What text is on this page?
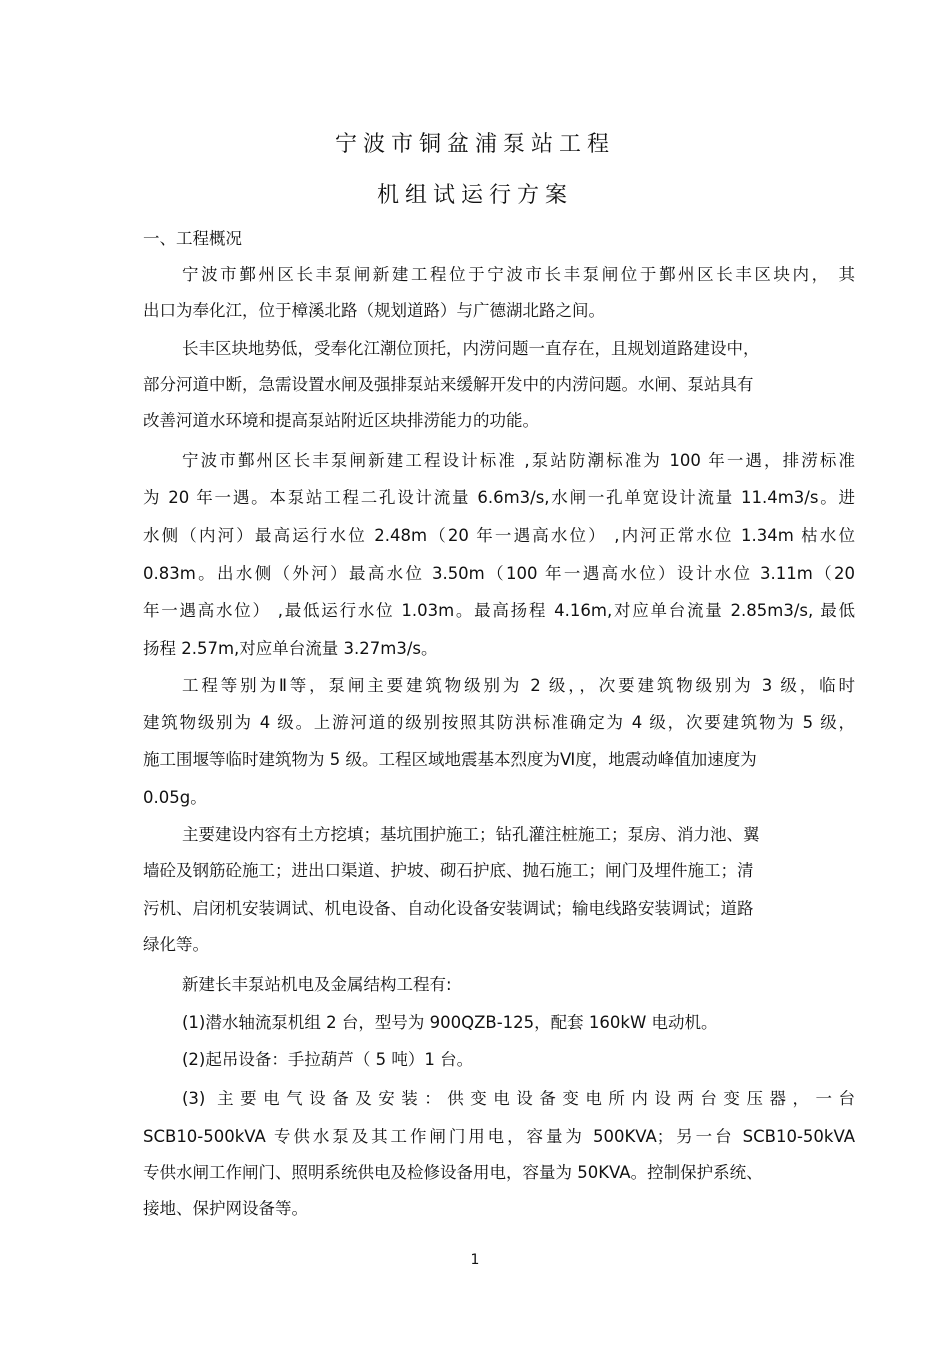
宁波市铜盆浦泵站工程
机组试运行方案
一、工程概况
宁波市鄞州区长丰泵闸新建工程位于宁波市长丰泵闸位于鄞州区长丰区块内， 其
出口为奉化江，位于樟溪北路（规划道路）与广德湖北路之间。
长丰区块地势低，受奉化江潮位顶托，内涝问题一直存在，且规划道路建设中，
部分河道中断，急需设置水闸及强排泵站来缓解开发中的内涝问题。水闸、泵站具有
改善河道水环境和提高泵站附近区块排涝能力的功能。
宁波市鄞州区长丰泵闸新建工程设计标准 ,泵站防潮标准为 100 年一遇，排涝标准
为 20 年一遇。本泵站工程二孔设计流量 6.6m3/s,水闸一孔单宽设计流量 11.4m3/s。进
水侧（内河）最高运行水位 2.48m（20 年一遇高水位） ,内河正常水位 1.34m 枯水位
0.83m。出水侧（外河）最高水位 3.50m（100 年一遇高水位）设计水位 3.11m（20
年一遇高水位） ,最低运行水位 1.03m。最高扬程 4.16m,对应单台流量 2.85m3/s, 最低
扬程 2.57m,对应单台流量 3.27m3/s。
工程等别为Ⅱ等，泵闸主要建筑物级别为 2 级，，次要建筑物级别为 3 级，临时
建筑物级别为 4 级。上游河道的级别按照其防洪标准确定为 4 级，次要建筑物为 5 级，
施工围堰等临时建筑物为 5 级。工程区域地震基本烈度为Ⅵ度，地震动峰值加速度为
0.05g。
主要建设内容有土方挖填；基坑围护施工；钻孔灌注桩施工；泵房、消力池、翼
墙砼及钢筋砼施工；进出口渠道、护坡、砌石护底、抛石施工；闸门及埋件施工；清
污机、启闭机安装调试、机电设备、自动化设备安装调试；输电线路安装调试；道路
绿化等。
新建长丰泵站机电及金属结构工程有:
(1)潜水轴流泵机组 2 台，型号为 900QZB-125，配套 160kW 电动机。
(2)起吊设备：手拉葫芦（ 5 吨）1 台。
(3) 主要电气设备及安装：供变电设备变电所内设两台变压器，一台
SCB10-500kVA 专供水泵及其工作闸门用电，容量为 500KVA；另一台 SCB10-50kVA
专供水闸工作闸门、照明系统供电及检修设备用电，容量为 50KVA。控制保护系统、
接地、保护网设备等。
1
